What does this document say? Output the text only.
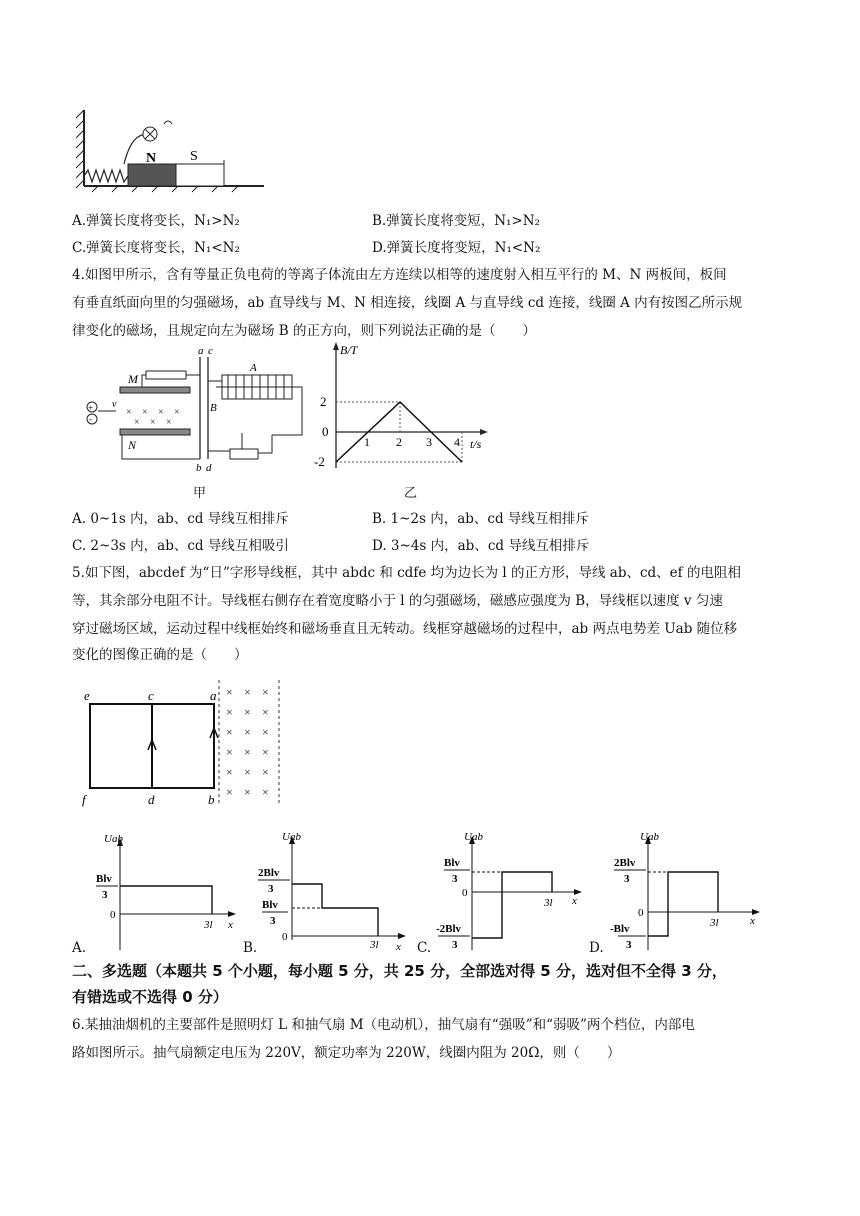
N S
A.弹簧长度将变长，N₁>N₂	B.弹簧长度将变短，N₁>N₂
C.弹簧长度将变长，N₁<N₂	D.弹簧长度将变短，N₁<N₂
4.如图甲所示，含有等量正负电荷的等离子体流由左方连续以相等的速度射入相互平行的 M、N 两板间，板间
有垂直纸面向里的匀强磁场，ab 直导线与 M、N 相连接，线圈 A 与直导线 cd 连接，线圈 A 内有按图乙所示规
律变化的磁场，且规定向左为磁场 B 的正方向，则下列说法正确的是（　　）
M
N
× × × ×
× × ×
+
-
v
a c
b d
A
B
甲
B/T
t/s
2
0
-2
1 2 3 4
乙
A. 0~1s 内，ab、cd 导线互相排斥	B. 1~2s 内，ab、cd 导线互相排斥
C. 2~3s 内，ab、cd 导线互相吸引	D. 3~4s 内，ab、cd 导线互相排斥
5.如下图，abcdef 为“日”字形导线框，其中 abdc 和 cdfe 均为边长为 l 的正方形，导线 ab、cd、ef 的电阻相
等，其余部分电阻不计。导线框右侧存在着宽度略小于 l 的匀强磁场，磁感应强度为 B，导线框以速度 v 匀速
穿过磁场区域，运动过程中线框始终和磁场垂直且无转动。线框穿越磁场的过程中，ab 两点电势差 Uab 随位移
变化的图像正确的是（　　）
e	c	a
f	d	b
× × ×
× × ×
× × ×
× × ×
× × ×
× × ×
A.
Uab
x
Blv
3
0
3l
B.
Uab
x
2Blv
3
Blv
3
0
3l	C.
Uab
x
Blv
3
0
-2Blv
3
3l
D.
Uab
x
2Blv
3
0
-Blv
3
3l
二、多选题（本题共 5 个小题，每小题 5 分，共 25 分，全部选对得 5 分，选对但不全得 3 分，
有错选或不选得 0 分）
6.某抽油烟机的主要部件是照明灯 L 和抽气扇 M（电动机），抽气扇有“强吸”和“弱吸”两个档位，内部电
路如图所示。抽气扇额定电压为 220V，额定功率为 220W，线圈内阻为 20Ω，则（　　）
